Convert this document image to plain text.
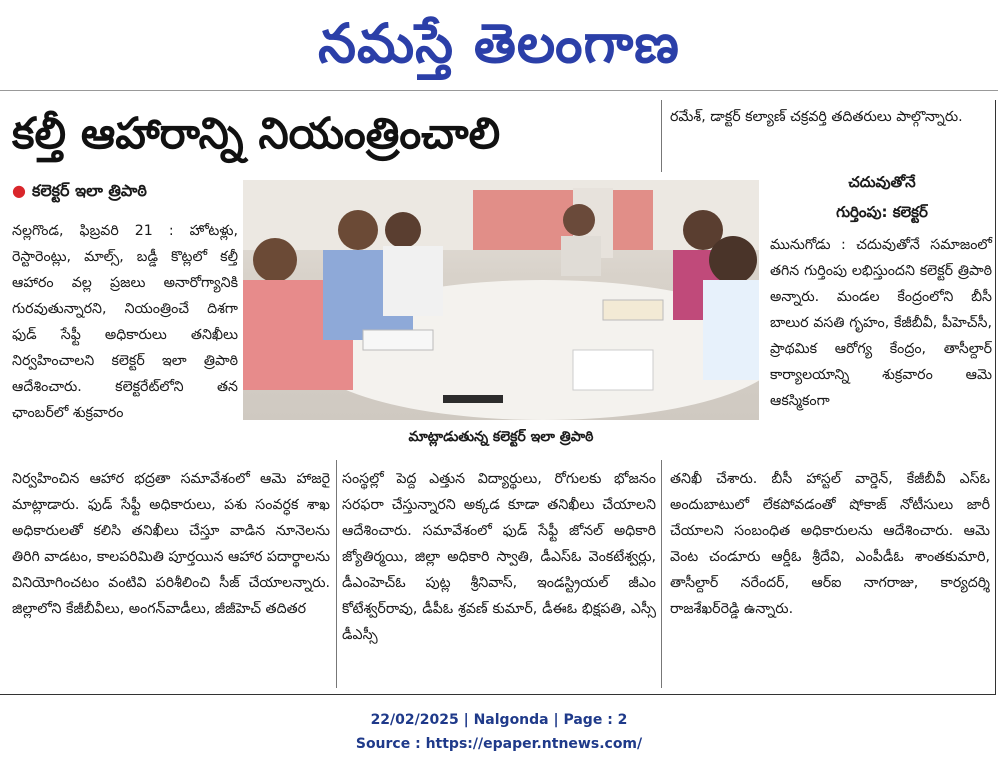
నమస్తే తెలంగాణ
కల్తీ ఆహారాన్ని నియంత్రించాలి
● కలెక్టర్ ఇలా త్రిపాఠి

నల్లగొండ, ఫిబ్రవరి 21 : హోటళ్లు, రెస్టారెంట్లు, మాల్స్, బడ్డీ కొట్లలో కల్తీ ఆహారం వల్ల ప్రజలు అనారోగ్యానికి గురవుతున్నారని, నియంత్రించే దిశగా ఫుడ్ సేఫ్టీ అధికారులు తనిఖీలు నిర్వహించాలని కలెక్టర్ ఇలా త్రిపాఠి ఆదేశించారు. కలెక్టరేట్‌లోని తన ఛాంబర్‌లో శుక్రవారం

మాట్లాడుతున్న కలెక్టర్ ఇలా త్రిపాఠి

నిర్వహించిన ఆహార భద్రతా సమావేశంలో ఆమె హాజరై మాట్లాడారు. ఫుడ్ సేఫ్టీ అధికారులు, పశు సంవర్ధక శాఖ అధికారులతో కలిసి తనిఖీలు చేస్తూ వాడిన నూనెలను తిరిగి వాడటం, కాలపరిమితి పూర్తయిన ఆహార పదార్థాలను వినియోగించటం వంటివి పరిశీలించి సీజ్ చేయాలన్నారు. జిల్లాలోని కేజీబీవీలు, అంగన్‌వాడీలు, జీజీహెచ్ తదితర

సంస్థల్లో పెద్ద ఎత్తున విద్యార్థులు, రోగులకు భోజనం సరఫరా చేస్తున్నారని అక్కడ కూడా తనిఖీలు చేయాలని ఆదేశించారు. సమావేశంలో ఫుడ్ సేఫ్టీ జోనల్ అధికారి జ్యోతిర్మయి, జిల్లా అధికారి స్వాతి, డీఎస్‌ఓ వెంకటేశ్వర్లు, డీఎంహెచ్‌ఓ పుట్ల శ్రీనివాస్, ఇండస్ట్రియల్ జీఎం కోటేశ్వర్‌రావు, డీపీఓ శ్రవణ్ కుమార్, డీఈఓ భిక్షపతి, ఎస్సీ డీఎస్సీ

రమేశ్, డాక్టర్ కల్యాణ్ చక్రవర్తి తదితరులు పాల్గొన్నారు.

చదువుతోనే
గుర్తింపు: కలెక్టర్

మునుగోడు : చదువుతోనే సమాజంలో తగిన గుర్తింపు లభిస్తుందని కలెక్టర్ త్రిపాఠి అన్నారు. మండల కేంద్రంలోని బీసీ బాలుర వసతి గృహం, కేజీబీవీ, పీహెచ్‌సీ, ప్రాథమిక ఆరోగ్య కేంద్రం, తాసీల్దార్ కార్యాలయాన్ని శుక్రవారం ఆమె ఆకస్మికంగా

తనిఖీ చేశారు. బీసీ హాస్టల్ వార్డెన్, కేజీబీవీ ఎస్‌ఓ అందుబాటులో లేకపోవడంతో షోకాజ్ నోటీసులు జారీ చేయాలని సంబంధిత అధికారులను ఆదేశించారు. ఆమె వెంట చండూరు ఆర్డీఓ శ్రీదేవి, ఎంపీడీఓ శాంతకుమారి, తాసీల్దార్ నరేందర్, ఆర్‌ఐ నాగరాజు, కార్యదర్శి రాజశేఖర్‌రెడ్డి ఉన్నారు.

22/02/2025 | Nalgonda | Page : 2
Source : https://epaper.ntnews.com/
